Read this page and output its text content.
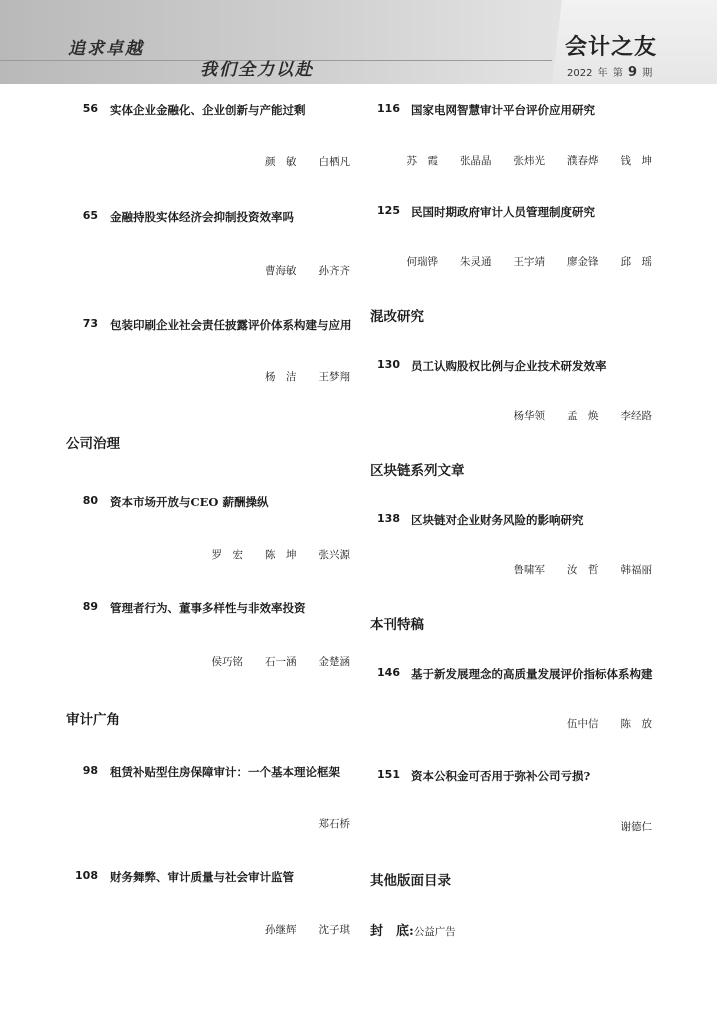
追求卓越
我们全力以赴
会计之友
2022 年 第 9 期
56 实体企业金融化、企业创新与产能过剩
颜　敏 白栖凡
65 金融持股实体经济会抑制投资效率吗
曹海敏 孙齐齐
73 包装印刷企业社会责任披露评价体系构建与应用
杨　洁 王梦翔
公司治理
80 资本市场开放与CEO 薪酬操纵
罗　宏 陈　坤 张兴源
89 管理者行为、董事多样性与非效率投资
侯巧铭 石一涵 金楚涵
审计广角
98 租赁补贴型住房保障审计：一个基本理论框架
郑石桥
108 财务舞弊、审计质量与社会审计监管
孙继辉 沈子琪
116 国家电网智慧审计平台评价应用研究
苏　霞 张晶晶 张炜光 濮春烨 钱　坤
125 民国时期政府审计人员管理制度研究
何瑞铧 朱灵通 王宇靖 廖金锋 邱　瑶
混改研究
130 员工认购股权比例与企业技术研发效率
杨华领 孟　焕 李经路
区块链系列文章
138 区块链对企业财务风险的影响研究
鲁啸军 汝　哲 韩福丽
本刊特稿
146 基于新发展理念的高质量发展评价指标体系构建
伍中信 陈　放
151 资本公积金可否用于弥补公司亏损?
谢德仁
其他版面目录
封　底:公益广告
